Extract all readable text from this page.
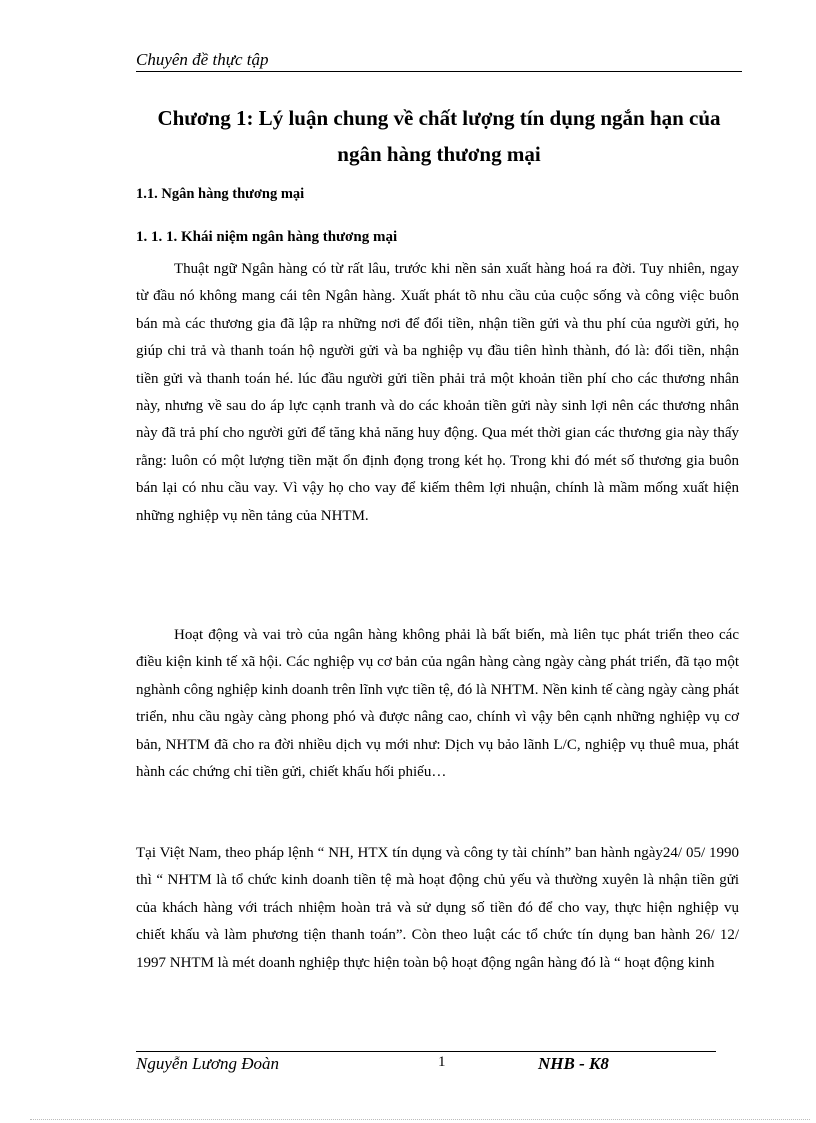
Chuyên đề thực tập
Chương 1: Lý luận chung về chất lượng tín dụng ngắn hạn của ngân hàng thương mại
1.1. Ngân hàng thương mại
1. 1. 1. Khái niệm ngân hàng thương mại

Thuật ngữ Ngân hàng có từ rất lâu, trước khi nền sản xuất hàng hoá ra đời. Tuy nhiên, ngay từ đầu nó không mang cái tên Ngân hàng. Xuất phát tõ nhu cầu của cuộc sống và công việc buôn bán mà các thương gia đã lập ra những nơi để đổi tiền, nhận tiền gửi và thu phí của người gửi, họ giúp chi trả và thanh toán hộ người gửi và ba nghiệp vụ đầu tiên hình thành, đó là: đổi tiền, nhận tiền gửi và thanh toán hé. lúc đầu người gửi tiền phải trả một khoản tiền phí cho các thương nhân này, nhưng về sau do áp lực cạnh tranh và do các khoản tiền gửi này sinh lợi nên các thương nhân này đã trả phí cho người gửi để tăng khả năng huy động. Qua mét thời gian các thương gia này thấy rằng: luôn có một lượng tiền mặt ổn định đọng trong két họ. Trong khi đó mét số thương gia buôn bán lại có nhu cầu vay. Vì vậy họ cho vay để kiếm thêm lợi nhuận, chính là mầm mống xuất hiện những nghiệp vụ nền tảng của NHTM.

Hoạt động và vai trò của ngân hàng không phải là bất biến, mà liên tục phát triển theo các điều kiện kinh tế xã hội. Các nghiệp vụ cơ bản của ngân hàng càng ngày càng phát triển, đã tạo một nghành công nghiệp kinh doanh trên lĩnh vực tiền tệ, đó là NHTM. Nền kinh tế càng ngày càng phát triển, nhu cầu ngày càng phong phó và được nâng cao, chính vì vậy bên cạnh những nghiệp vụ cơ bản, NHTM đã cho ra đời nhiều dịch vụ mới như: Dịch vụ bảo lãnh L/C, nghiệp vụ thuê mua, phát hành các chứng chỉ tiền gửi, chiết khấu hối phiếu…

Tại Việt Nam, theo pháp lệnh “ NH, HTX tín dụng và công ty tài chính” ban hành ngày24/ 05/ 1990 thì “ NHTM là tổ chức kinh doanh tiền tệ mà hoạt động chủ yếu và thường xuyên là nhận tiền gửi của khách hàng với trách nhiệm hoàn trả và sử dụng số tiền đó để cho vay, thực hiện nghiệp vụ chiết khấu và làm phương tiện thanh toán”. Còn theo luật các tổ chức tín dụng ban hành 26/ 12/ 1997 NHTM là mét doanh nghiệp thực hiện toàn bộ hoạt động ngân hàng đó là “ hoạt động kinh

Nguyễn Lương Đoàn	1	NHB - K8
